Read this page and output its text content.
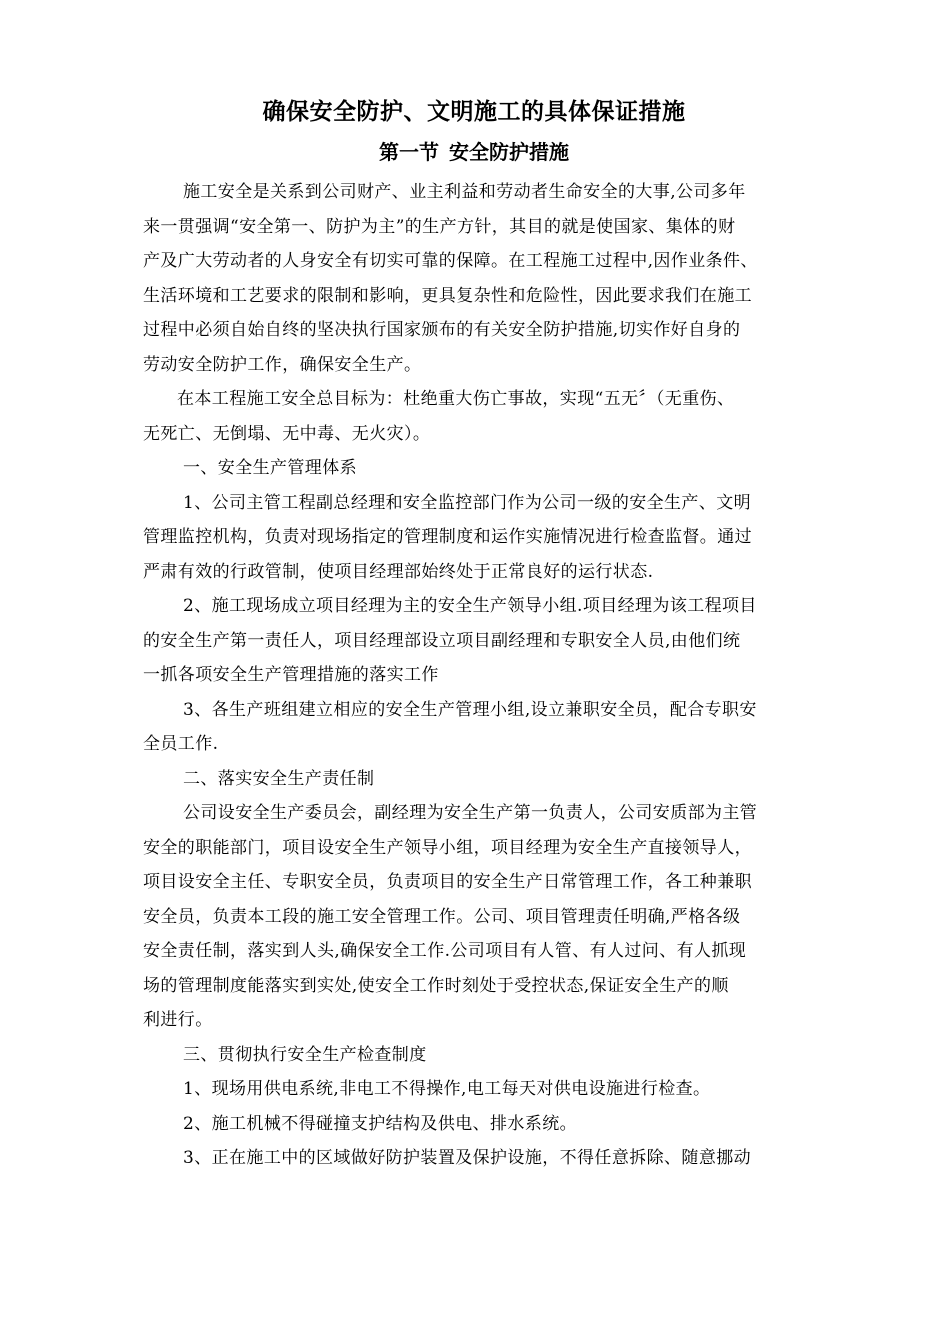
确保安全防护、文明施工的具体保证措施
第一节 安全防护措施

施工安全是关系到公司财产、业主利益和劳动者生命安全的大事,公司多年
来一贯强调“安全第一、防护为主”的生产方针，其目的就是使国家、集体的财
产及广大劳动者的人身安全有切实可靠的保障。在工程施工过程中,因作业条件、
生活环境和工艺要求的限制和影响，更具复杂性和危险性，因此要求我们在施工
过程中必须自始自终的坚决执行国家颁布的有关安全防护措施,切实作好自身的
劳动安全防护工作，确保安全生产。

在本工程施工安全总目标为：杜绝重大伤亡事故，实现“五无〞（无重伤、
无死亡、无倒塌、无中毒、无火灾）。

一、安全生产管理体系

1、公司主管工程副总经理和安全监控部门作为公司一级的安全生产、文明
管理监控机构，负责对现场指定的管理制度和运作实施情况进行检查监督。通过
严肃有效的行政管制，使项目经理部始终处于正常良好的运行状态.

2、施工现场成立项目经理为主的安全生产领导小组.项目经理为该工程项目
的安全生产第一责任人，项目经理部设立项目副经理和专职安全人员,由他们统
一抓各项安全生产管理措施的落实工作

3、各生产班组建立相应的安全生产管理小组,设立兼职安全员，配合专职安
全员工作.

二、落实安全生产责任制

公司设安全生产委员会，副经理为安全生产第一负责人，公司安质部为主管
安全的职能部门，项目设安全生产领导小组，项目经理为安全生产直接领导人，
项目设安全主任、专职安全员，负责项目的安全生产日常管理工作，各工种兼职
安全员，负责本工段的施工安全管理工作。公司、项目管理责任明确,严格各级
安全责任制，落实到人头,确保安全工作.公司项目有人管、有人过问、有人抓现
场的管理制度能落实到实处,使安全工作时刻处于受控状态,保证安全生产的顺
利进行。

三、贯彻执行安全生产检查制度

1、现场用供电系统,非电工不得操作,电工每天对供电设施进行检查。

2、施工机械不得碰撞支护结构及供电、排水系统。

3、正在施工中的区域做好防护装置及保护设施，不得任意拆除、随意挪动
